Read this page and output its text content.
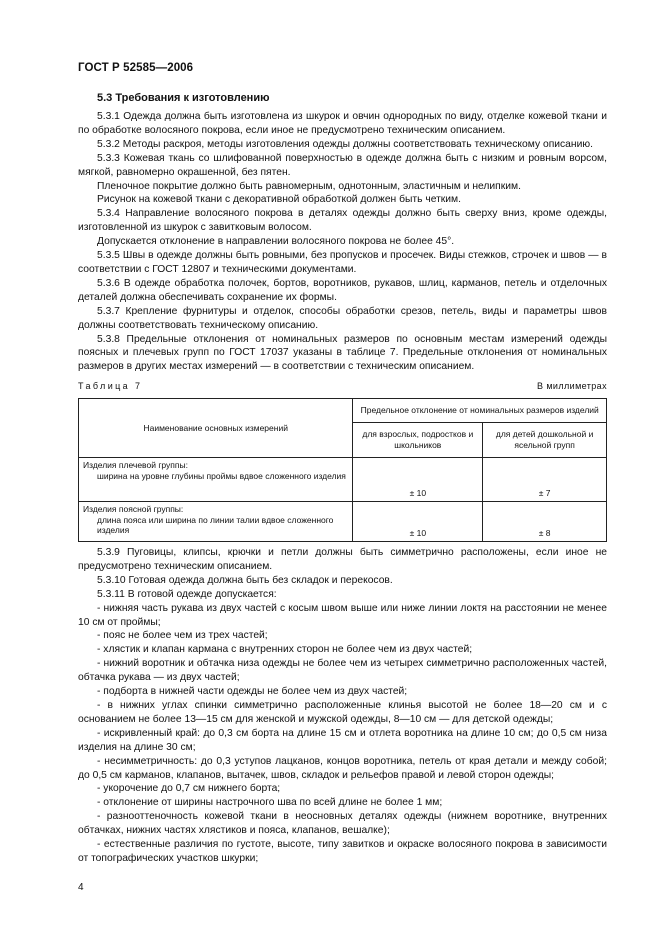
ГОСТ Р 52585—2006
5.3 Требования к изготовлению

5.3.1 Одежда должна быть изготовлена из шкурок и овчин однородных по виду, отделке кожевой ткани и по обработке волосяного покрова, если иное не предусмотрено техническим описанием.

5.3.2 Методы раскроя, методы изготовления одежды должны соответствовать техническому описанию.

5.3.3 Кожевая ткань со шлифованной поверхностью в одежде должна быть с низким и ровным ворсом, мягкой, равномерно окрашенной, без пятен.

Пленочное покрытие должно быть равномерным, однотонным, эластичным и нелипким.

Рисунок на кожевой ткани с декоративной обработкой должен быть четким.

5.3.4 Направление волосяного покрова в деталях одежды должно быть сверху вниз, кроме одежды, изготовленной из шкурок с завитковым волосом.

Допускается отклонение в направлении волосяного покрова не более 45°.

5.3.5 Швы в одежде должны быть ровными, без пропусков и просечек. Виды стежков, строчек и швов — в соответствии с ГОСТ 12807 и техническими документами.

5.3.6 В одежде обработка полочек, бортов, воротников, рукавов, шлиц, карманов, петель и отделочных деталей должна обеспечивать сохранение их формы.

5.3.7 Крепление фурнитуры и отделок, способы обработки срезов, петель, виды и параметры швов должны соответствовать техническому описанию.

5.3.8 Предельные отклонения от номинальных размеров по основным местам измерений одежды поясных и плечевых групп по ГОСТ 17037 указаны в таблице 7. Предельные отклонения от номинальных размеров в других местах измерений — в соответствии с техническим описанием.

Таблица 7	В миллиметрах
Наименование основных измерений	Предельное отклонение от номинальных размеров изделий	
	для взрослых, подростков и школьников	для детей дошкольной и ясельной групп
Изделия плечевой группы:
ширина на уровне глубины проймы вдвое сложенного изделия	± 10	± 7
Изделия поясной группы:
длина пояса или ширина по линии талии вдвое сложенного изделия	± 10	± 8

5.3.9 Пуговицы, клипсы, крючки и петли должны быть симметрично расположены, если иное не предусмотрено техническим описанием.

5.3.10 Готовая одежда должна быть без складок и перекосов.

5.3.11 В готовой одежде допускается:

- нижняя часть рукава из двух частей с косым швом выше или ниже линии локтя на расстоянии не менее 10 см от проймы;

- пояс не более чем из трех частей;

- хлястик и клапан кармана с внутренних сторон не более чем из двух частей;

- нижний воротник и обтачка низа одежды не более чем из четырех симметрично расположенных частей, обтачка рукава — из двух частей;

- подборта в нижней части одежды не более чем из двух частей;

- в нижних углах спинки симметрично расположенные клинья высотой не более 18—20 см и с основанием не более 13—15 см для женской и мужской одежды, 8—10 см — для детской одежды;

- искривленный край: до 0,3 см борта на длине 15 см и отлета воротника на длине 10 см; до 0,5 см низа изделия на длине 30 см;

- несимметричность: до 0,3 уступов лацканов, концов воротника, петель от края детали и между собой; до 0,5 см карманов, клапанов, вытачек, швов, складок и рельефов правой и левой сторон одежды;

- укорочение до 0,7 см нижнего борта;

- отклонение от ширины настрочного шва по всей длине не более 1 мм;

- разнооттеночность кожевой ткани в неосновных деталях одежды (нижнем воротнике, внутренних обтачках, нижних частях хлястиков и пояса, клапанов, вешалке);

- естественные различия по густоте, высоте, типу завитков и окраске волосяного покрова в зависимости от топографических участков шкурки;

4
